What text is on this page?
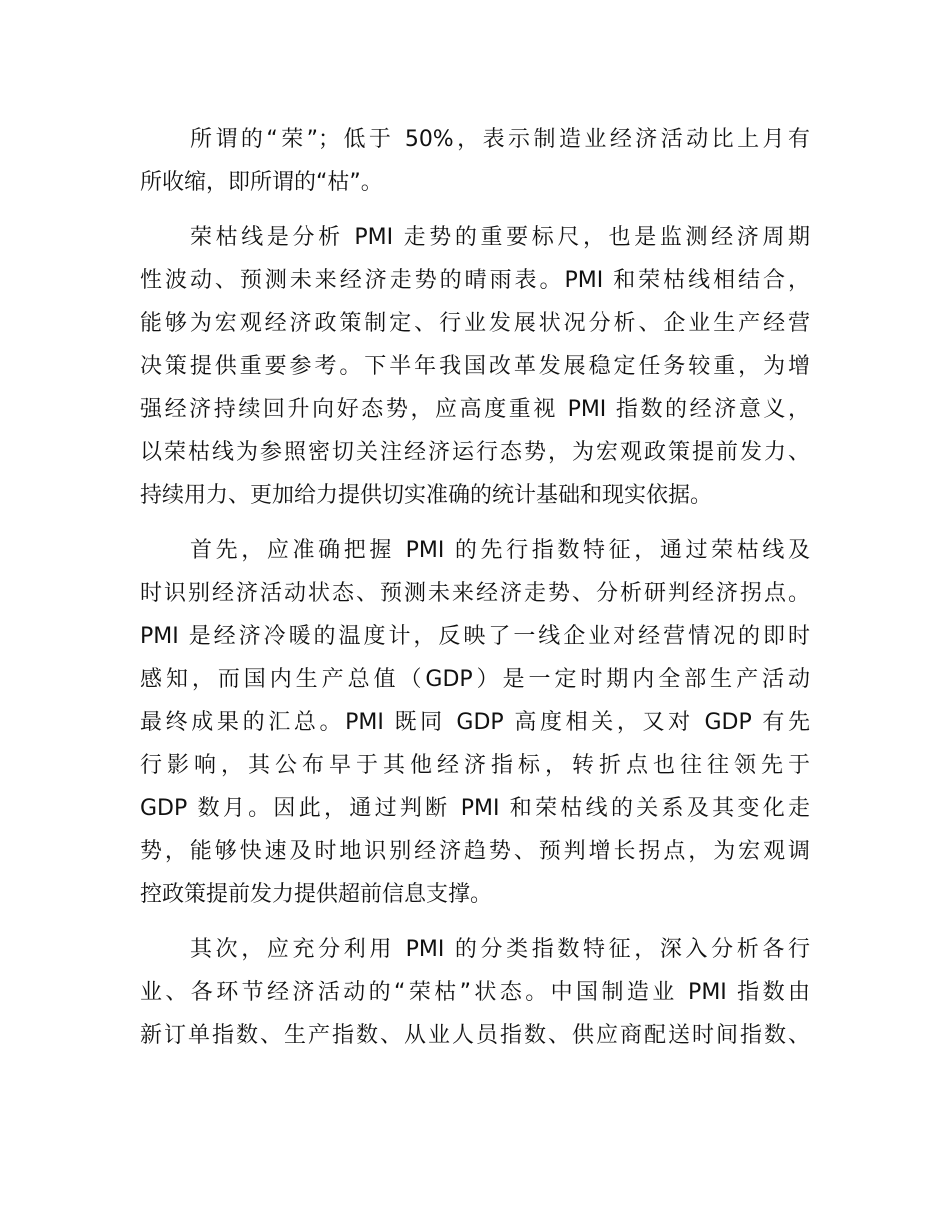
所谓的“荣”；低于 50%，表示制造业经济活动比上月有
所收缩，即所谓的“枯”。
荣枯线是分析 PMI 走势的重要标尺，也是监测经济周期
性波动、预测未来经济走势的晴雨表。PMI 和荣枯线相结合，
能够为宏观经济政策制定、行业发展状况分析、企业生产经营
决策提供重要参考。下半年我国改革发展稳定任务较重，为增
强经济持续回升向好态势，应高度重视 PMI 指数的经济意义，
以荣枯线为参照密切关注经济运行态势，为宏观政策提前发力、
持续用力、更加给力提供切实准确的统计基础和现实依据。
首先，应准确把握 PMI 的先行指数特征，通过荣枯线及
时识别经济活动状态、预测未来经济走势、分析研判经济拐点。
PMI 是经济冷暖的温度计，反映了一线企业对经营情况的即时
感知，而国内生产总值（GDP）是一定时期内全部生产活动
最终成果的汇总。PMI 既同 GDP 高度相关，又对 GDP 有先
行影响，其公布早于其他经济指标，转折点也往往领先于
GDP 数月。因此，通过判断 PMI 和荣枯线的关系及其变化走
势，能够快速及时地识别经济趋势、预判增长拐点，为宏观调
控政策提前发力提供超前信息支撑。
其次，应充分利用 PMI 的分类指数特征，深入分析各行
业、各环节经济活动的“荣枯”状态。中国制造业 PMI 指数由
新订单指数、生产指数、从业人员指数、供应商配送时间指数、
